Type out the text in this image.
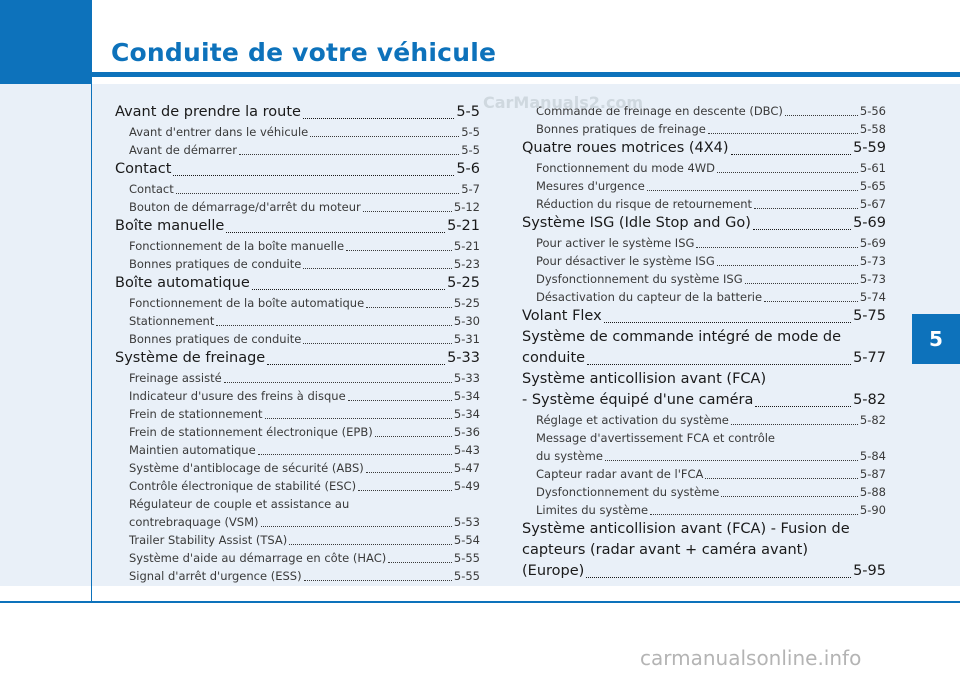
Conduite de votre véhicule
5
Avant de prendre la route	5-5
Avant d'entrer dans le véhicule	5-5
Avant de démarrer	5-5
Contact	5-6
Contact	5-7
Bouton de démarrage/d'arrêt du moteur	5-12
Boîte manuelle	5-21
Fonctionnement de la boîte manuelle	5-21
Bonnes pratiques de conduite	5-23
Boîte automatique	5-25
Fonctionnement de la boîte automatique	5-25
Stationnement	5-30
Bonnes pratiques de conduite	5-31
Système de freinage	5-33
Freinage assisté	5-33
Indicateur d'usure des freins à disque	5-34
Frein de stationnement	5-34
Frein de stationnement électronique (EPB)	5-36
Maintien automatique	5-43
Système d'antiblocage de sécurité (ABS)	5-47
Contrôle électronique de stabilité (ESC)	5-49
Régulateur de couple et assistance au
contrebraquage (VSM)	5-53
Trailer Stability Assist (TSA)	5-54
Système d'aide au démarrage en côte (HAC)	5-55
Signal d'arrêt d'urgence (ESS)	5-55
Commande de freinage en descente (DBC)	5-56
Bonnes pratiques de freinage	5-58
Quatre roues motrices (4X4)	5-59
Fonctionnement du mode 4WD	5-61
Mesures d'urgence	5-65
Réduction du risque de retournement	5-67
Système ISG (Idle Stop and Go)	5-69
Pour activer le système ISG	5-69
Pour désactiver le système ISG	5-73
Dysfonctionnement du système ISG	5-73
Désactivation du capteur de la batterie	5-74
Volant Flex	5-75
Système de commande intégré de mode de
conduite	5-77
Système anticollision avant (FCA)
- Système équipé d'une caméra	5-82
Réglage et activation du système	5-82
Message d'avertissement FCA et contrôle
du système	5-84
Capteur radar avant de l'FCA	5-87
Dysfonctionnement du système	5-88
Limites du système	5-90
Système anticollision avant (FCA) - Fusion de
capteurs (radar avant + caméra avant)
(Europe)	5-95
CarManuals2.com
carmanualsonline.info
